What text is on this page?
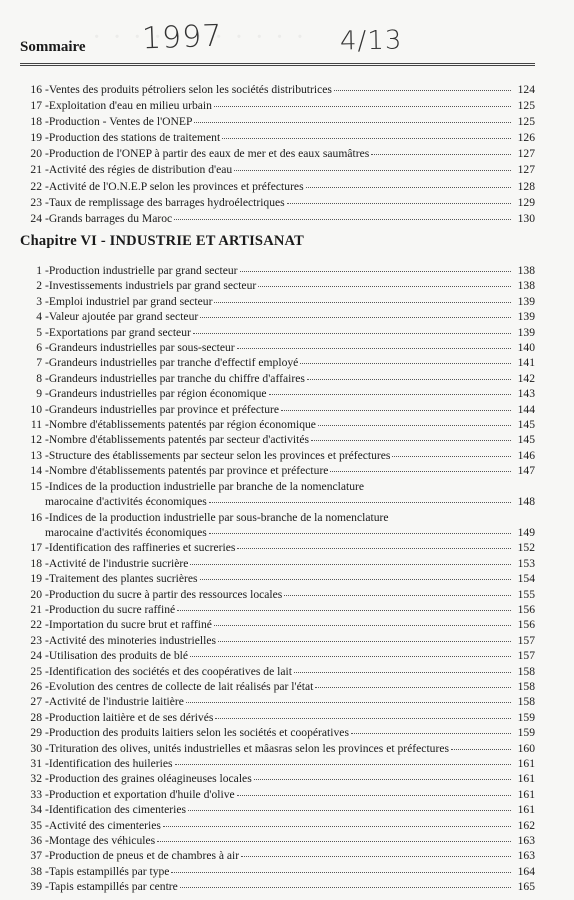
1997	4/13
Sommaire
16 - Ventes des produits pétroliers selon les sociétés distributrices	124
17 - Exploitation d'eau en milieu urbain	125
18 - Production - Ventes de l'ONEP	125
19 - Production des stations de traitement	126
20 - Production de l'ONEP à partir des eaux de mer et des eaux saumâtres	127
21 - Activité des régies de distribution d'eau	127
22 - Activité de l'O.N.E.P selon les provinces et préfectures	128
23 - Taux de remplissage des barrages hydroélectriques	129
24 - Grands barrages du Maroc	130
Chapitre VI - INDUSTRIE ET ARTISANAT
1 - Production industrielle par grand secteur	138
2 - Investissements industriels par grand secteur	138
3 - Emploi industriel par grand secteur	139
4 - Valeur ajoutée par grand secteur	139
5 - Exportations par grand secteur	139
6 - Grandeurs industrielles par sous-secteur	140
7 - Grandeurs industrielles par tranche d'effectif employé	141
8 - Grandeurs industrielles par tranche du chiffre d'affaires	142
9 - Grandeurs industrielles par région économique	143
10 - Grandeurs industrielles par province et préfecture	144
11 - Nombre d'établissements patentés par région économique	145
12 - Nombre d'établissements patentés par secteur d'activités	145
13 - Structure des établissements par secteur selon les provinces et préfectures	146
14 - Nombre d'établissements patentés par province et préfecture	147
15 - Indices de la production industrielle par branche de la nomenclature
marocaine d'activités économiques	148
16 - Indices de la production industrielle par sous-branche de la nomenclature
marocaine d'activités économiques	149
17 - Identification des raffineries et sucreries	152
18 - Activité de l'industrie sucrière	153
19 - Traitement des plantes sucrières	154
20 - Production du sucre à partir des ressources locales	155
21 - Production du sucre raffiné	156
22 - Importation du sucre brut et raffiné	156
23 - Activité des minoteries industrielles	157
24 - Utilisation des produits de blé	157
25 - Identification des sociétés et des coopératives de lait	158
26 - Evolution des centres de collecte de lait réalisés par l'état	158
27 - Activité de l'industrie laitière	158
28 - Production laitière et de ses dérivés	159
29 - Production des produits laitiers selon les sociétés et coopératives	159
30 - Trituration des olives, unités industrielles et mâasras selon les provinces et préfectures	160
31 - Identification des huileries	161
32 - Production des graines oléagineuses locales	161
33 - Production et exportation d'huile d'olive	161
34 - Identification des cimenteries	161
35 - Activité des cimenteries	162
36 - Montage des véhicules	163
37 - Production de pneus et de chambres à air	163
38 - Tapis estampillés par type	164
39 - Tapis estampillés par centre	165
